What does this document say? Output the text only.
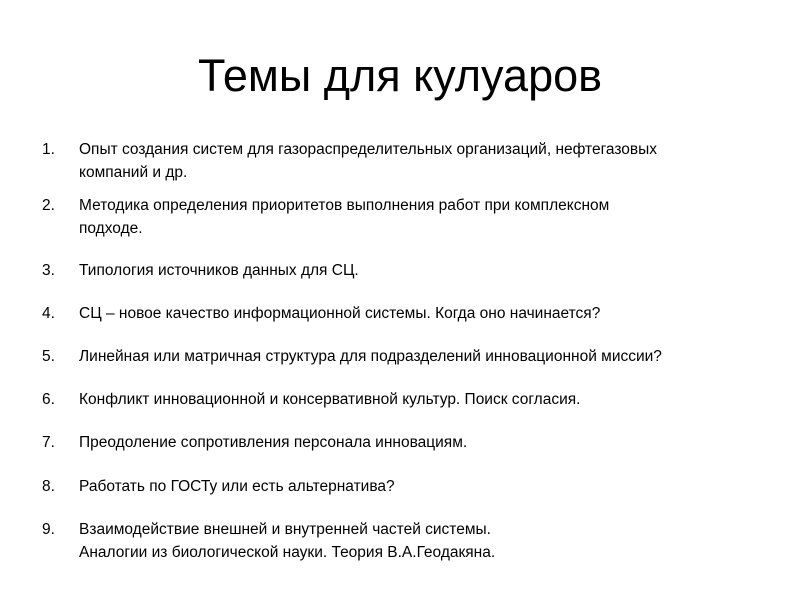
Темы для кулуаров
1. Опыт создания систем для газораспределительных организаций, нефтегазовых
компаний и др.
2. Методика определения приоритетов выполнения работ при комплексном
подходе.
3. Типология источников данных для СЦ.
4. СЦ – новое качество информационной системы. Когда оно начинается?
5. Линейная или матричная структура для подразделений инновационной миссии?
6. Конфликт инновационной и консервативной культур. Поиск согласия.
7. Преодоление сопротивления персонала инновациям.
8. Работать по ГОСТу или есть альтернатива?
9. Взаимодействие внешней и внутренней частей системы.
Аналогии из биологической науки. Теория В.А.Геодакяна.
